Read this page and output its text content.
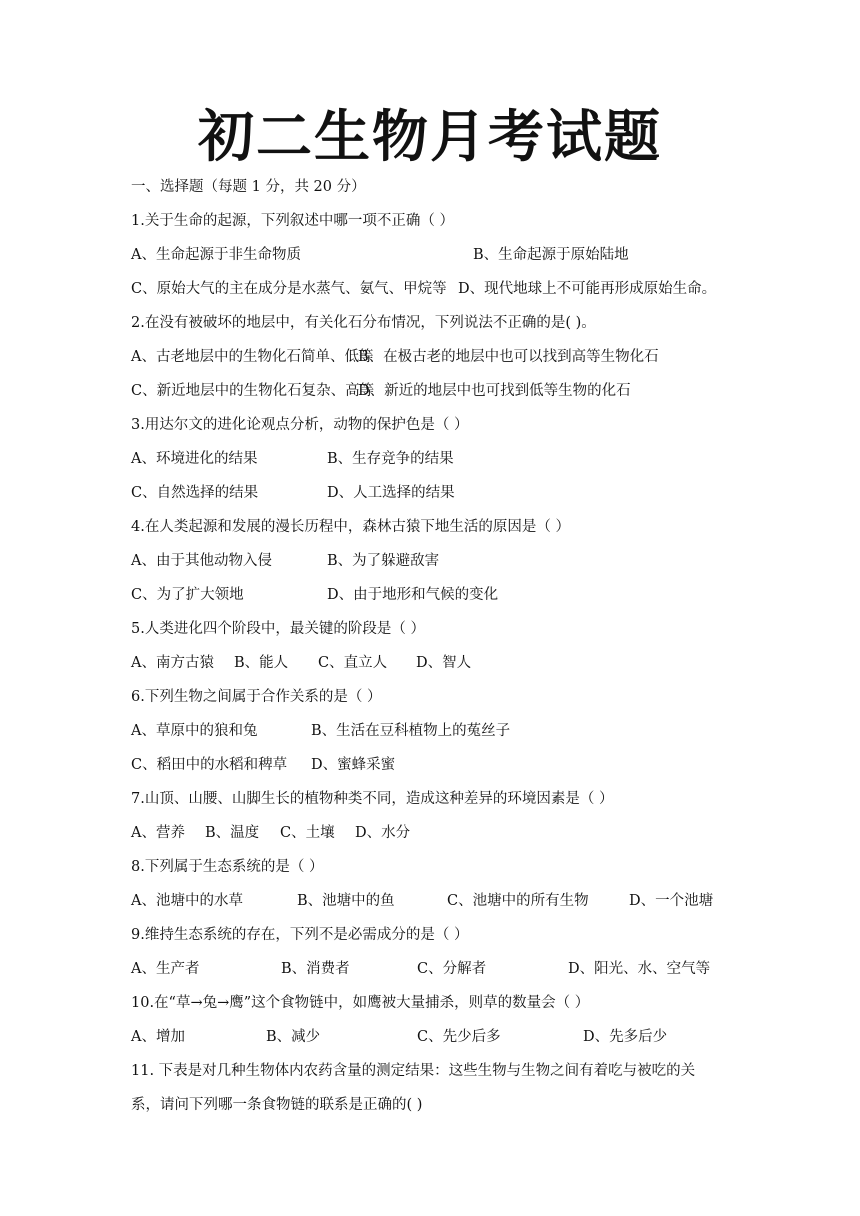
初二生物月考试题
一、选择题（每题 1 分，共 20 分）
1.关于生命的起源，下列叙述中哪一项不正确（ ）
A、生命起源于非生命物质	B、生命起源于原始陆地
C、原始大气的主在成分是水蒸气、氨气、甲烷等 D、现代地球上不可能再形成原始生命。
2.在没有被破坏的地层中，有关化石分布情况，下列说法不正确的是( )。
A、古老地层中的生物化石简单、低等
B、在极古老的地层中也可以找到高等生物化石
C、新近地层中的生物化石复杂、高等
D、新近的地层中也可找到低等生物的化石
3.用达尔文的进化论观点分析，动物的保护色是（ ）
A、环境进化的结果	B、生存竞争的结果
C、自然选择的结果	D、人工选择的结果
4.在人类起源和发展的漫长历程中，森林古猿下地生活的原因是（ ）
A、由于其他动物入侵	B、为了躲避敌害
C、为了扩大领地	D、由于地形和气候的变化
5.人类进化四个阶段中，最关键的阶段是（ ）
A、南方古猿 B、能人 C、直立人 D、智人
6.下列生物之间属于合作关系的是（ ）
A、草原中的狼和兔	B、生活在豆科植物上的菟丝子
C、稻田中的水稻和稗草 D、蜜蜂采蜜
7.山顶、山腰、山脚生长的植物种类不同，造成这种差异的环境因素是（ ）
A、营养 B、温度 C、土壤 D、水分
8.下列属于生态系统的是（ ）
A、池塘中的水草	B、池塘中的鱼	C、池塘中的所有生物	D、一个池塘
9.维持生态系统的存在，下列不是必需成分的是（ ）
A、生产者	B、消费者	C、分解者	D、阳光、水、空气等
10.在“草→兔→鹰”这个食物链中，如鹰被大量捕杀，则草的数量会（ ）
A、增加	B、减少	C、先少后多	D、先多后少
11. 下表是对几种生物体内农药含量的测定结果：这些生物与生物之间有着吃与被吃的关
系，请问下列哪一条食物链的联系是正确的( )
